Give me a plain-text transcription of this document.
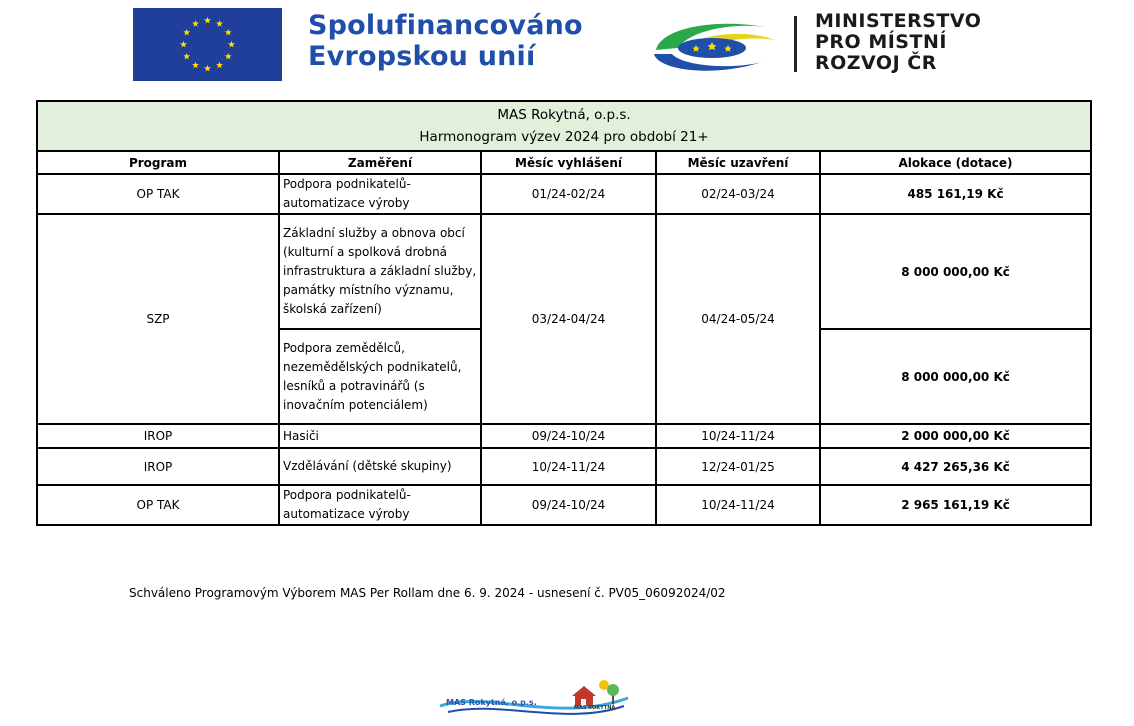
Spolufinancováno
Evropskou unií
MINISTERSTVO
PRO MÍSTNÍ
ROZVOJ ČR
MAS Rokytná, o.p.s.
Harmonogram výzev 2024 pro období 21+				

Program	Zaměření	Měsíc vyhlášení	Měsíc uzavření	Alokace (dotace)
OP TAK	Podpora podnikatelů-automatizace výroby	01/24-02/24	02/24-03/24	485 161,19 Kč
SZP	Základní služby a obnova obcí (kulturní a spolková drobná infrastruktura a základní služby, památky místního významu, školská zařízení)	03/24-04/24	04/24-05/24	8 000 000,00 Kč
	Podpora zemědělců, nezemědělských podnikatelů, lesníků a potravinářů (s inovačním potenciálem)			8 000 000,00 Kč
IROP	Hasiči	09/24-10/24	10/24-11/24	2 000 000,00 Kč
IROP	Vzdělávání (dětské skupiny)	10/24-11/24	12/24-01/25	4 427 265,36 Kč
OP TAK	Podpora podnikatelů-automatizace výroby	09/24-10/24	10/24-11/24	2 965 161,19 Kč
Schváleno Programovým Výborem MAS Per Rollam dne 6. 9. 2024 - usnesení č. PV05_06092024/02
MAS Rokytná, o.p.s.
MAS ROKYTNÁ
